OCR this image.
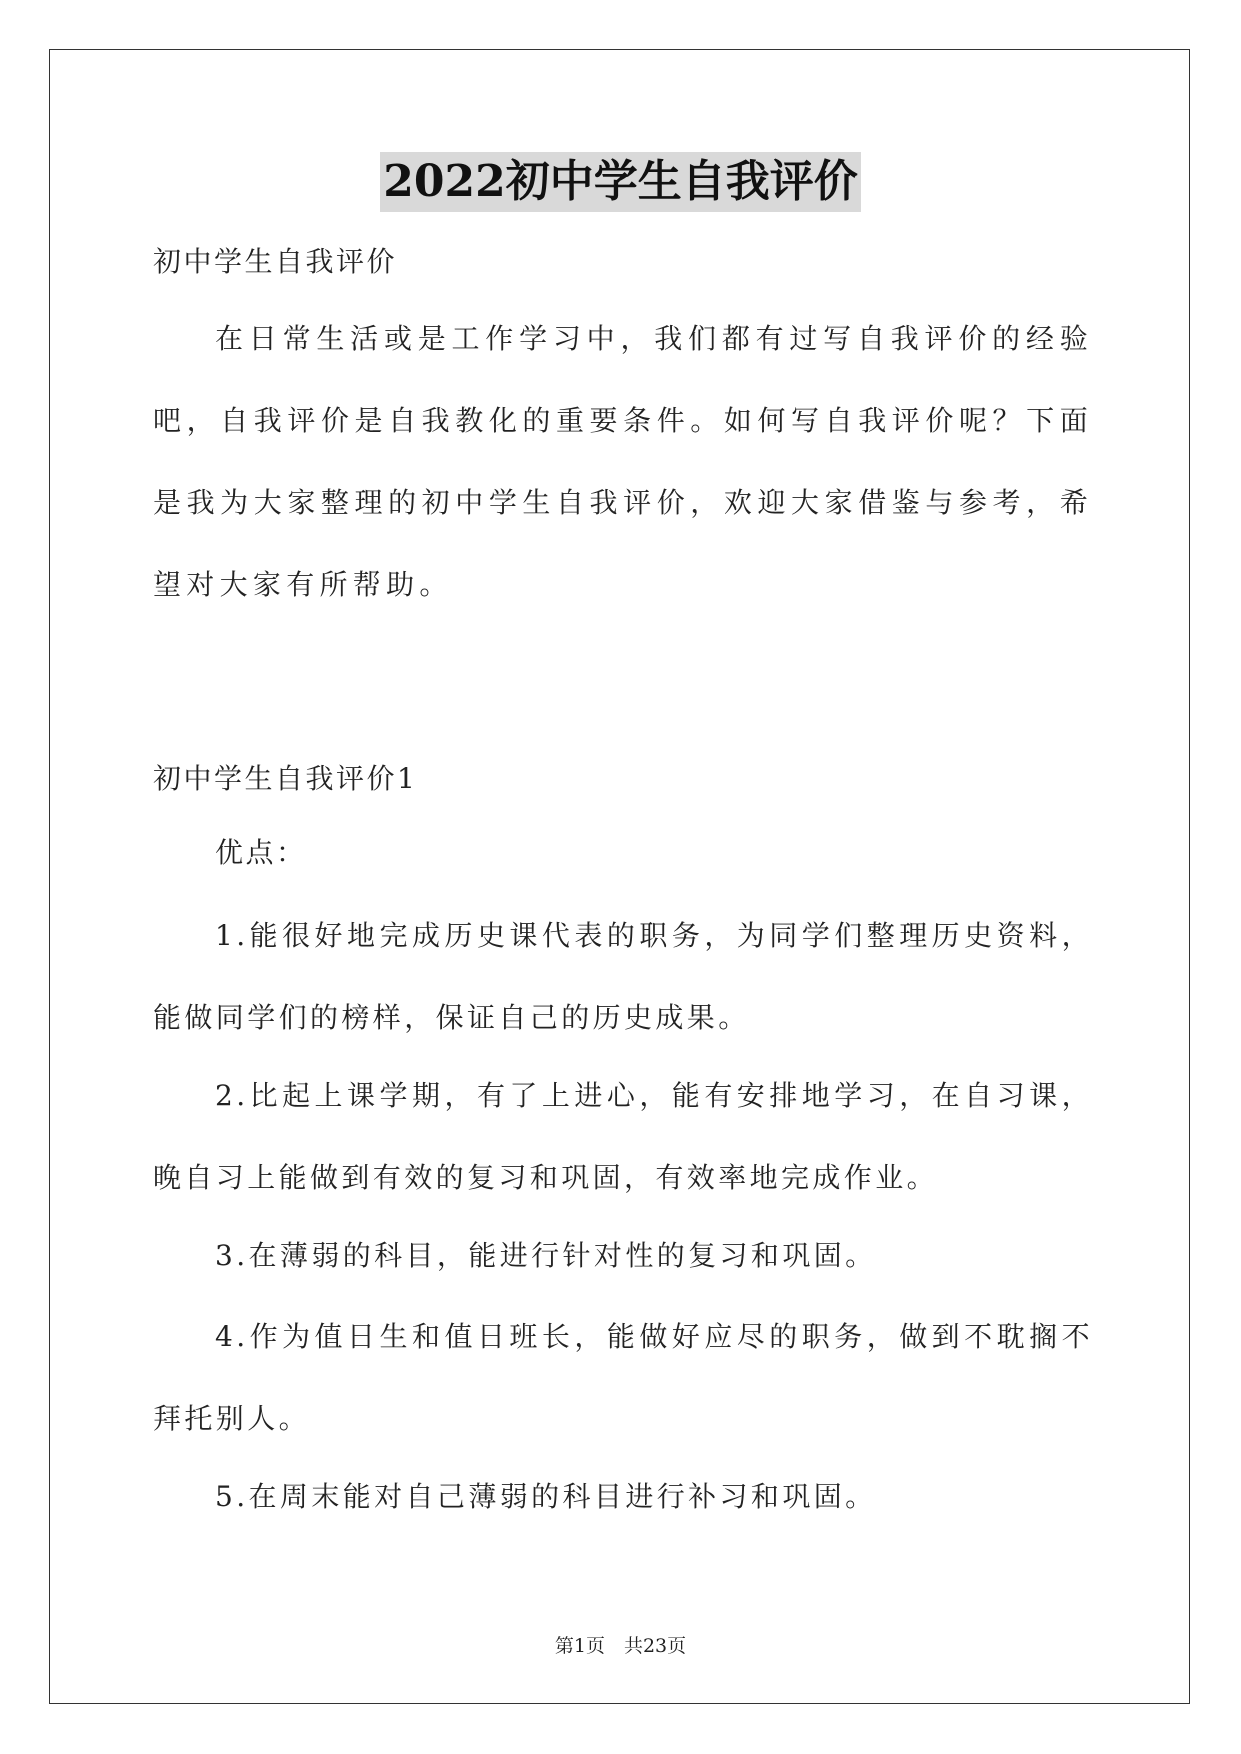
2022初中学生自我评价

初中学生自我评价

在日常生活或是工作学习中，我们都有过写自我评价的经验吧，自我评价是自我教化的重要条件。如何写自我评价呢？下面是我为大家整理的初中学生自我评价，欢迎大家借鉴与参考，希望对大家有所帮助。

初中学生自我评价1

优点：

1.能很好地完成历史课代表的职务，为同学们整理历史资料，能做同学们的榜样，保证自己的历史成果。

2.比起上课学期，有了上进心，能有安排地学习，在自习课，晚自习上能做到有效的复习和巩固，有效率地完成作业。

3.在薄弱的科目，能进行针对性的复习和巩固。

4.作为值日生和值日班长，能做好应尽的职务，做到不耽搁不拜托别人。

5.在周末能对自己薄弱的科目进行补习和巩固。

第1页　共23页
